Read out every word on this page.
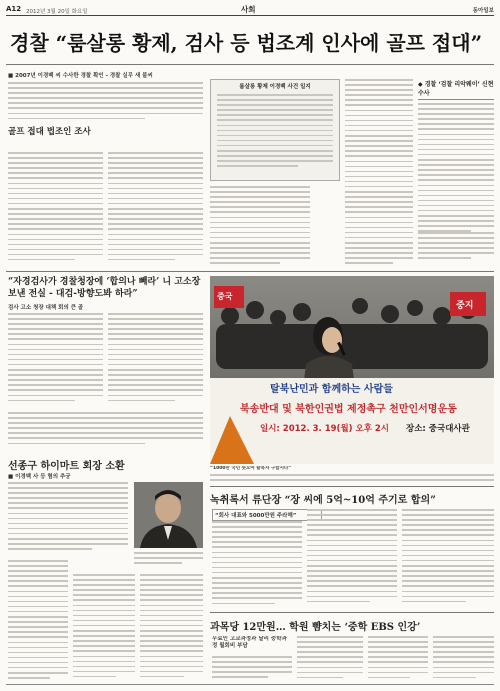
A12 2012년 3월 20일 화요일	사회	동아일보
경찰 “룸살롱 황제, 검사 등 법조계 인사에 골프 접대”
■ 2007년 이경백 씨 수사한 경찰 확인 - 경찰 실무 새 불씨
골프 접대 법조인 조사
룸살롱 황제 이경백 사건 일지	◆ 경찰 ‘검찰 리악웨이’ 신현 수사
“자경검사가 경찰청장에 ‘합의나 빼라’ 니 고소장 보낸 전실 - 대검-방향도봐 하라”
검사 고소 청장 대책 회의 큰 골
탈북난민과 함께하는 사람들
북송반대 및 북한인권법 제정촉구 천만인서명운동
일시: 2012. 3. 19(월) 오후 2시 장소: 중국대사관
중국
중지
“1000만 국민 뜻모아 탈북자 구합시다”
선종구 하이마트 회장 소환
■ 이경백 사 등 혐의 추궁
녹취록서 류단장 “장 씨에 5억~10억 주기로 합의”
“회사 대표와 5000만원 주라해”
과목당 12만원… 학원 뺨치는 ‘중학 EBS 인강’
무료인 고교과정과 달리 중학과정 월회비 부담
